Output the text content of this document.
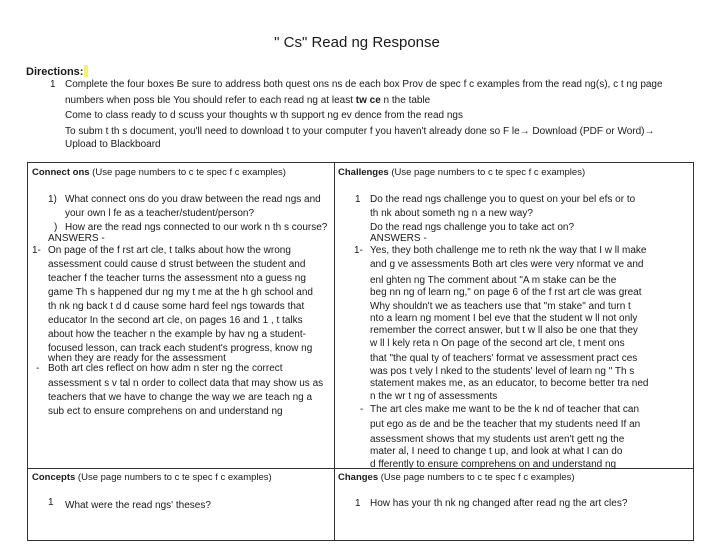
" Cs" Read ng Response
Directions:
1 Complete the four boxes Be sure to address both quest ons ns de each box Prov de spec f c examples from the read ng(s), c t ng page
numbers when poss ble You should refer to each read ng at least tw ce n the table
Come to class ready to d scuss your thoughts w th support ng ev dence from the read ngs
To subm t th s document, you'll need to download t to your computer f you haven't already done so F le→ Download (PDF or Word)→
Upload to Blackboard
Connect ons (Use page numbers to c te spec f c examples)
1) What connect ons do you draw between the read ngs and
your own l fe as a teacher/student/person?
) How are the read ngs connected to our work n th s course?
ANSWERS -
1- On page of the f rst art cle, t talks about how the wrong
assessment could cause d strust between the student and
teacher f the teacher turns the assessment nto a guess ng
game Th s happened dur ng my t me at the h gh school and
th nk ng back t d d cause some hard feel ngs towards that
educator In the second art cle, on pages 16 and 1 , t talks
about how the teacher n the example by hav ng a student-
focused lesson, can track each student's progress, know ng
when they are ready for the assessment
- Both art cles reflect on how adm n ster ng the correct
assessment s v tal n order to collect data that may show us as
teachers that we have to change the way we are teach ng a
sub ect to ensure comprehens on and understand ng
Challenges (Use page numbers to c te spec f c examples)
1 Do the read ngs challenge you to quest on your bel efs or to
th nk about someth ng n a new way?
Do the read ngs challenge you to take act on?
ANSWERS -
1- Yes, they both challenge me to reth nk the way that I w ll make
and g ve assessments Both art cles were very nformat ve and
enl ghten ng The comment about "A m stake can be the
beg nn ng of learn ng," on page 6 of the f rst art cle was great
Why shouldn't we as teachers use that "m stake" and turn t
nto a learn ng moment I bel eve that the student w ll not only
remember the correct answer, but t w ll also be one that they
w ll l kely reta n On page of the second art cle, t ment ons
that "the qual ty of teachers' format ve assessment pract ces
was pos t vely l nked to the students' level of learn ng " Th s
statement makes me, as an educator, to become better tra ned
n the wr t ng of assessments
- The art cles make me want to be the k nd of teacher that can
put ego as de and be the teacher that my students need If an
assessment shows that my students ust aren't gett ng the
mater al, I need to change t up, and look at what I can do
d fferently to ensure comprehens on and understand ng
Concepts (Use page numbers to c te spec f c examples)
1 What were the read ngs' theses?
Changes (Use page numbers to c te spec f c examples)
1 How has your th nk ng changed after read ng the art cles?
